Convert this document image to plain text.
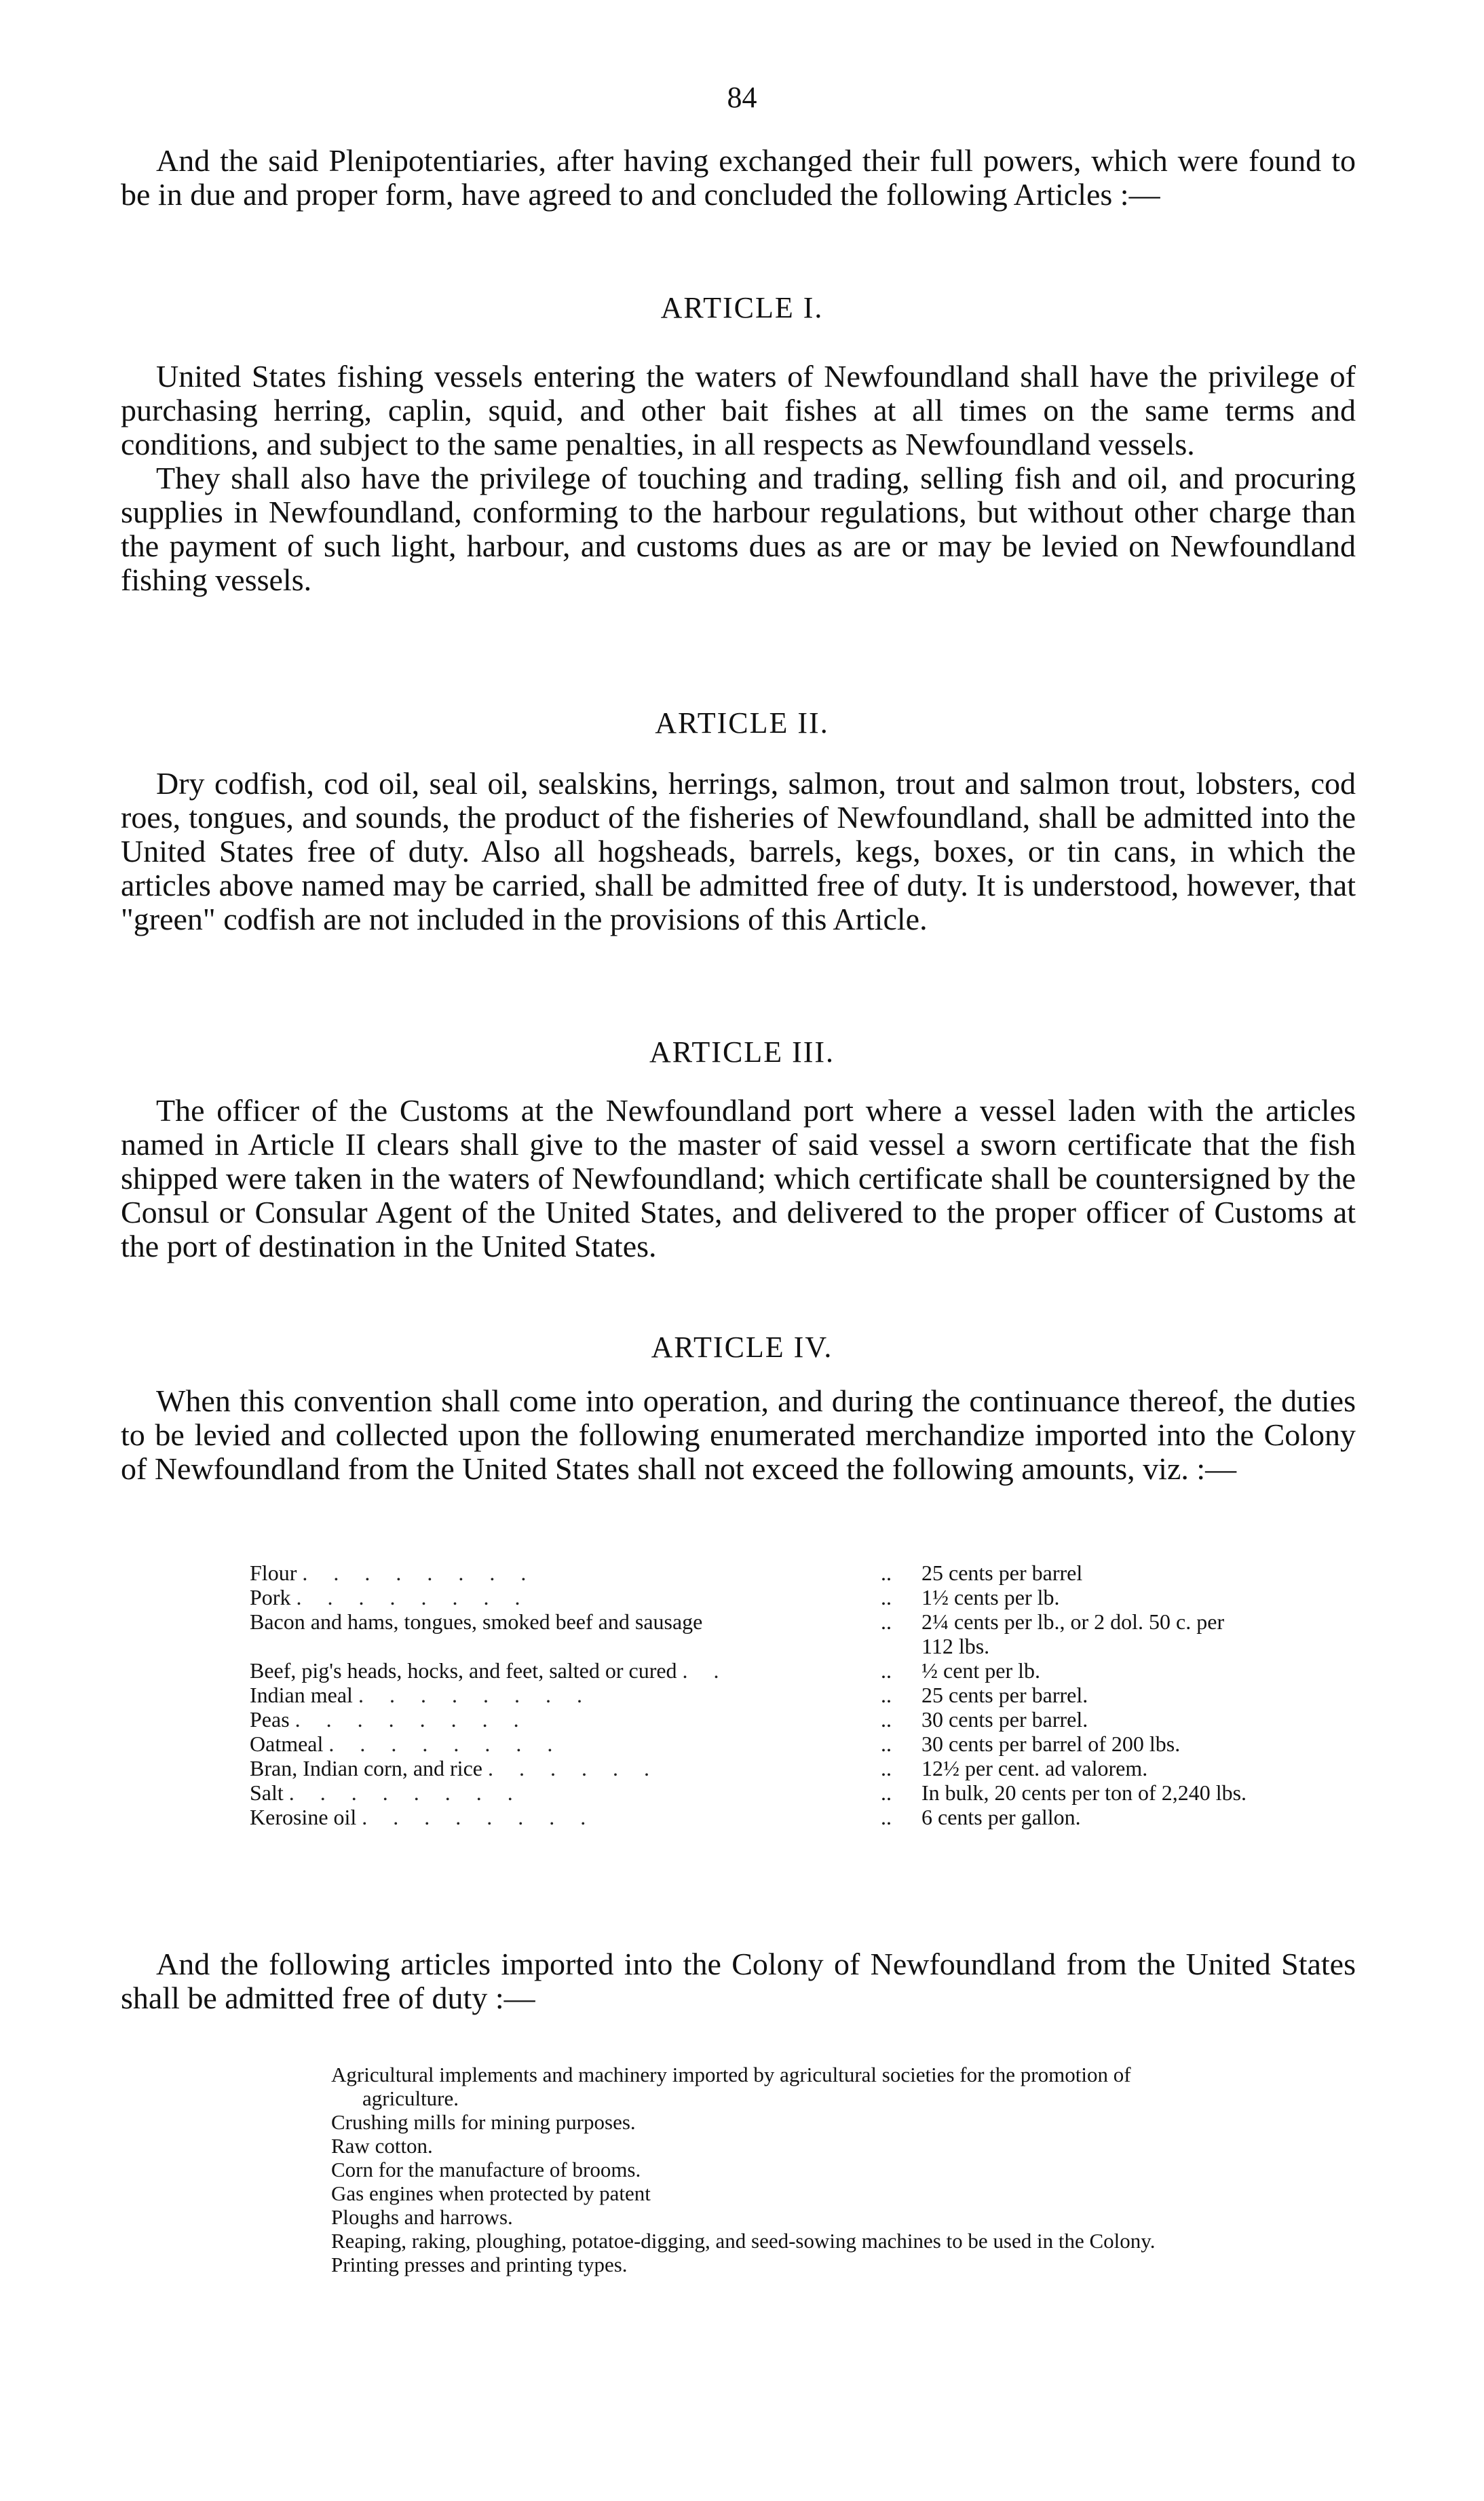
84

And the said Plenipotentiaries, after having exchanged their full powers, which were found to be in due and proper form, have agreed to and concluded the following Articles :—

ARTICLE I.

United States fishing vessels entering the waters of Newfoundland shall have the privilege of purchasing herring, caplin, squid, and other bait fishes at all times on the same terms and conditions, and subject to the same penalties, in all respects as Newfoundland vessels.

They shall also have the privilege of touching and trading, selling fish and oil, and procuring supplies in Newfoundland, conforming to the harbour regulations, but without other charge than the payment of such light, harbour, and customs dues as are or may be levied on Newfoundland fishing vessels.

ARTICLE II.

Dry codfish, cod oil, seal oil, sealskins, herrings, salmon, trout and salmon trout, lobsters, cod roes, tongues, and sounds, the product of the fisheries of Newfoundland, shall be admitted into the United States free of duty. Also all hogsheads, barrels, kegs, boxes, or tin cans, in which the articles above named may be carried, shall be admitted free of duty. It is understood, however, that "green" codfish are not included in the provisions of this Article.

ARTICLE III.

The officer of the Customs at the Newfoundland port where a vessel laden with the articles named in Article II clears shall give to the master of said vessel a sworn certificate that the fish shipped were taken in the waters of Newfoundland; which certificate shall be countersigned by the Consul or Consular Agent of the United States, and delivered to the proper officer of Customs at the port of destination in the United States.

ARTICLE IV.

When this convention shall come into operation, and during the continuance thereof, the duties to be levied and collected upon the following enumerated merchandize imported into the Colony of Newfoundland from the United States shall not exceed the following amounts, viz. :—

Flour ........	..	25 cents per barrel
Pork ........	..	1½ cents per lb.
Bacon and hams, tongues, smoked beef and sausage	..	2¼ cents per lb., or 2 dol. 50 c. per 112 lbs.
Beef, pig's heads, hocks, and feet, salted or cured ..	..	½ cent per lb.
Indian meal ........	..	25 cents per barrel.
Peas ........	..	30 cents per barrel.
Oatmeal ........	..	30 cents per barrel of 200 lbs.
Bran, Indian corn, and rice ......	..	12½ per cent. ad valorem.
Salt ........	..	In bulk, 20 cents per ton of 2,240 lbs.
Kerosine oil ........	..	6 cents per gallon.

And the following articles imported into the Colony of Newfoundland from the United States shall be admitted free of duty :—

Agricultural implements and machinery imported by agricultural societies for the promotion of agriculture.
Crushing mills for mining purposes.
Raw cotton.
Corn for the manufacture of brooms.
Gas engines when protected by patent
Ploughs and harrows.
Reaping, raking, ploughing, potatoe-digging, and seed-sowing machines to be used in the Colony.
Printing presses and printing types.
